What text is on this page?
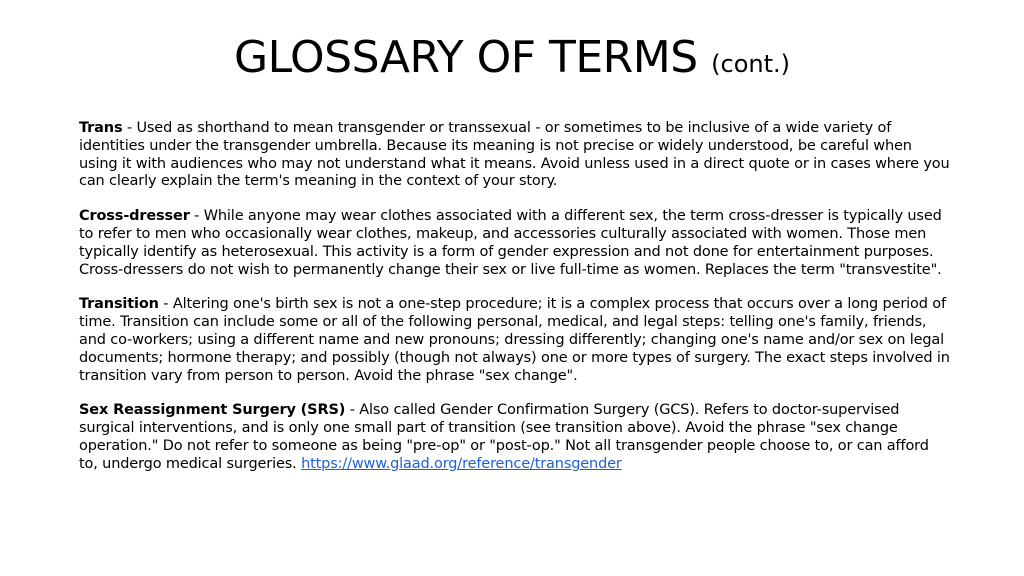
GLOSSARY OF TERMS (cont.)

Trans - Used as shorthand to mean transgender or transsexual - or sometimes to be inclusive of a wide variety of identities under the transgender umbrella. Because its meaning is not precise or widely understood, be careful when using it with audiences who may not understand what it means. Avoid unless used in a direct quote or in cases where you can clearly explain the term's meaning in the context of your story.

Cross-dresser - While anyone may wear clothes associated with a different sex, the term cross-dresser is typically used to refer to men who occasionally wear clothes, makeup, and accessories culturally associated with women. Those men typically identify as heterosexual. This activity is a form of gender expression and not done for entertainment purposes. Cross-dressers do not wish to permanently change their sex or live full-time as women. Replaces the term "transvestite".

Transition - Altering one's birth sex is not a one-step procedure; it is a complex process that occurs over a long period of time. Transition can include some or all of the following personal, medical, and legal steps: telling one's family, friends, and co-workers; using a different name and new pronouns; dressing differently; changing one's name and/or sex on legal documents; hormone therapy; and possibly (though not always) one or more types of surgery. The exact steps involved in transition vary from person to person. Avoid the phrase "sex change".

Sex Reassignment Surgery (SRS) - Also called Gender Confirmation Surgery (GCS). Refers to doctor-supervised surgical interventions, and is only one small part of transition (see transition above). Avoid the phrase "sex change operation." Do not refer to someone as being "pre-op" or "post-op." Not all transgender people choose to, or can afford to, undergo medical surgeries. https://www.glaad.org/reference/transgender
